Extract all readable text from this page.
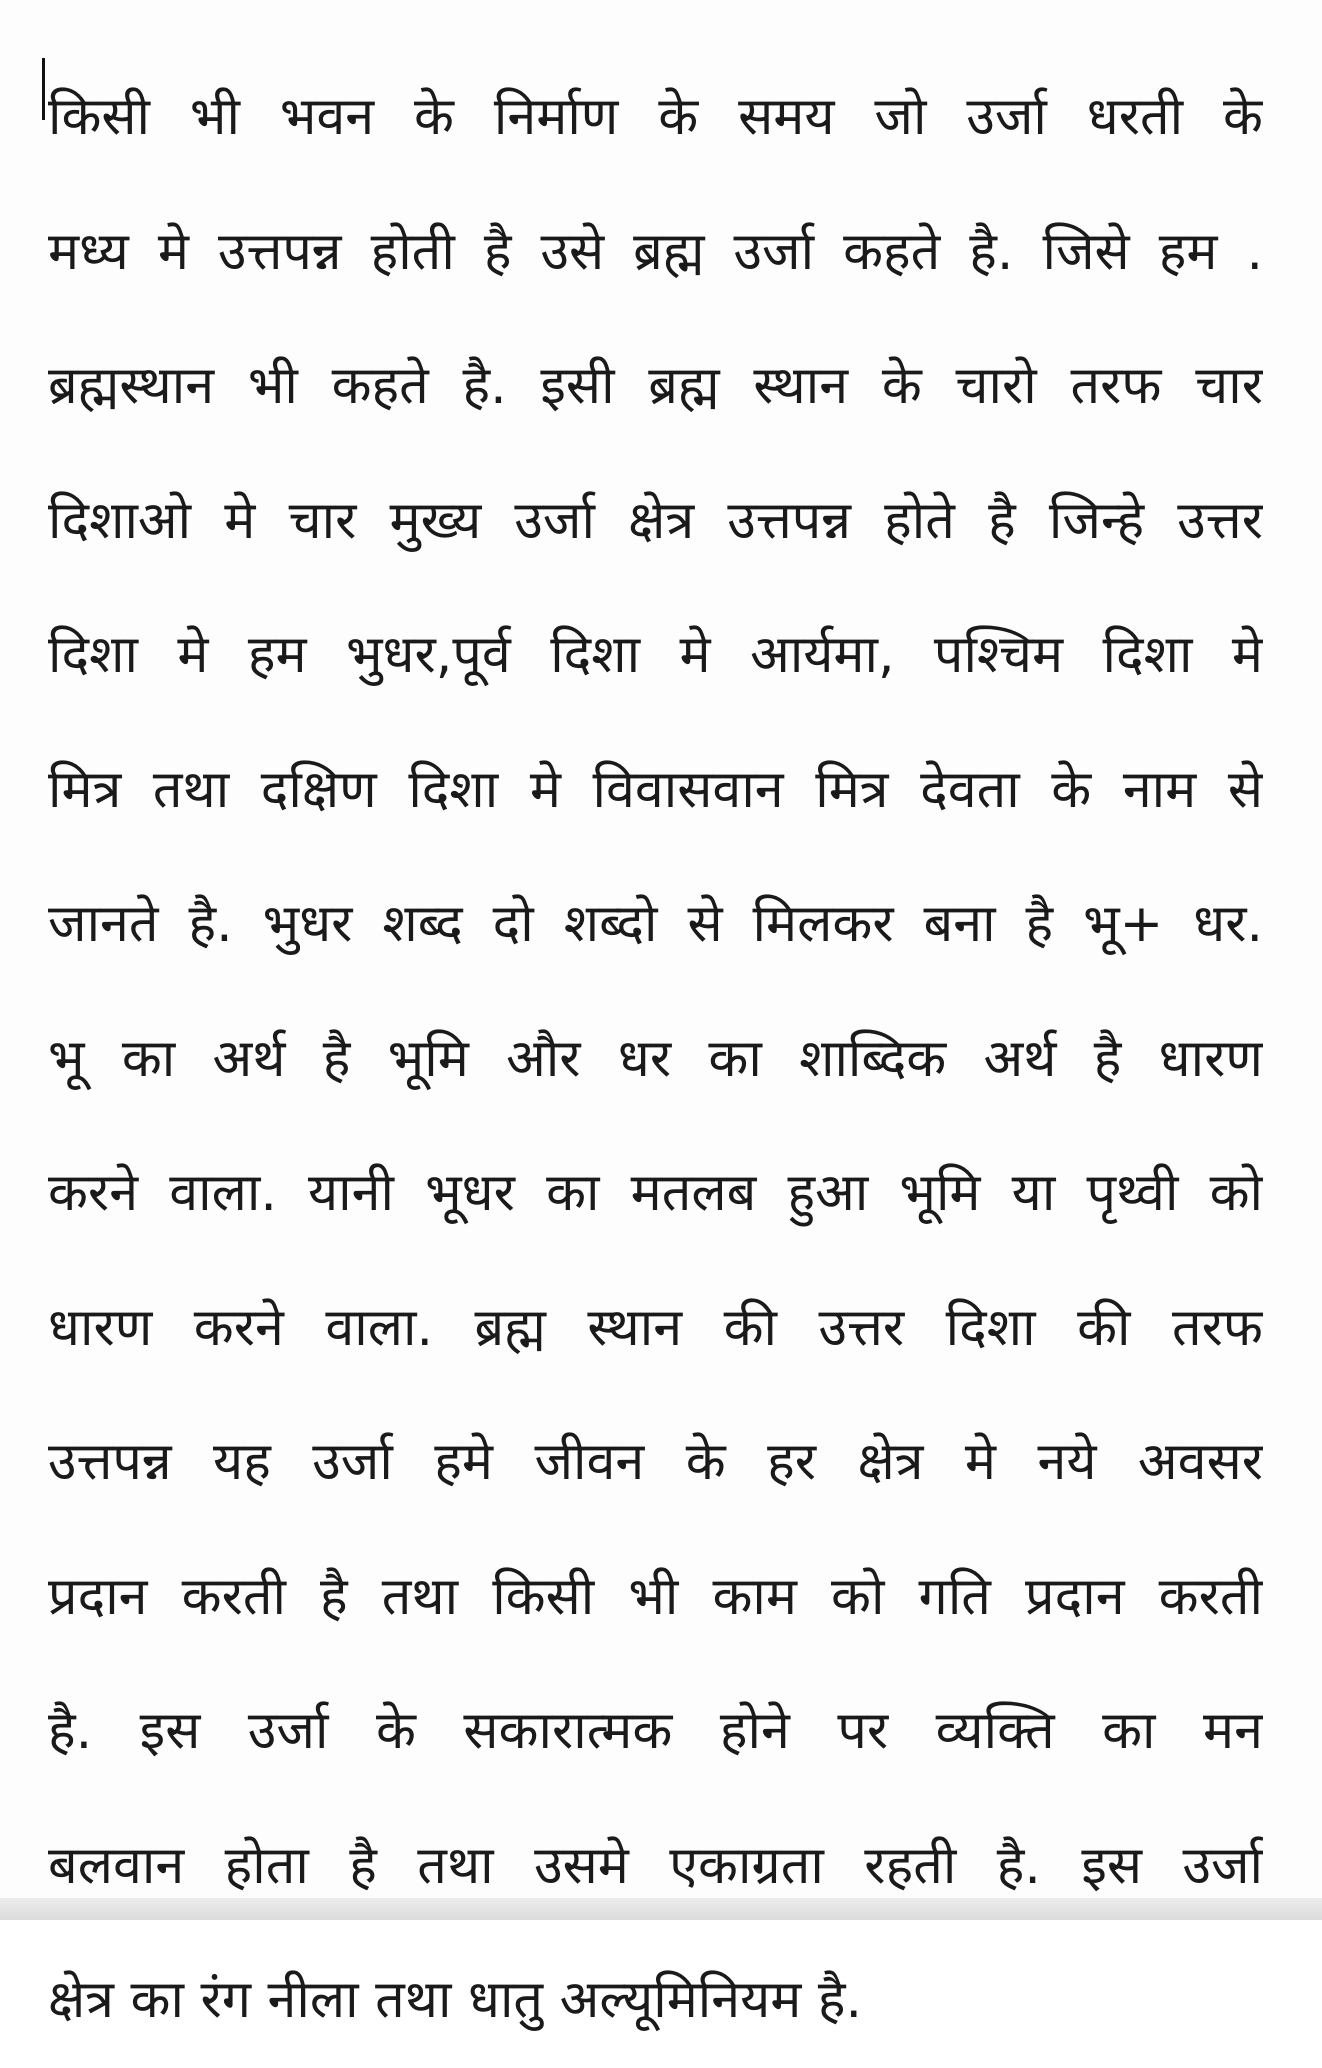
किसी भी भवन के निर्माण के समय जो उर्जा धरती के
मध्य मे उत्तपन्न होती है उसे ब्रह्म उर्जा कहते है. जिसे हम .
ब्रह्मस्थान भी कहते है. इसी ब्रह्म स्थान के चारो तरफ चार
दिशाओ मे चार मुख्य उर्जा क्षेत्र उत्तपन्न होते है जिन्हे उत्तर
दिशा मे हम भुधर,पूर्व दिशा मे आर्यमा, पश्चिम दिशा मे
मित्र तथा दक्षिण दिशा मे विवासवान मित्र देवता के नाम से
जानते है. भुधर शब्द दो शब्दो से मिलकर बना है भू+ धर.
भू का अर्थ है भूमि और धर का शाब्दिक अर्थ है धारण
करने वाला. यानी भूधर का मतलब हुआ भूमि या पृथ्वी को
धारण करने वाला. ब्रह्म स्थान की उत्तर दिशा की तरफ
उत्तपन्न यह उर्जा हमे जीवन के हर क्षेत्र मे नये अवसर
प्रदान करती है तथा किसी भी काम को गति प्रदान करती
है. इस उर्जा के सकारात्मक होने पर व्यक्ति का मन
बलवान होता है तथा उसमे एकाग्रता रहती है. इस उर्जा
क्षेत्र का रंग नीला तथा धातु अल्यूमिनियम है.
